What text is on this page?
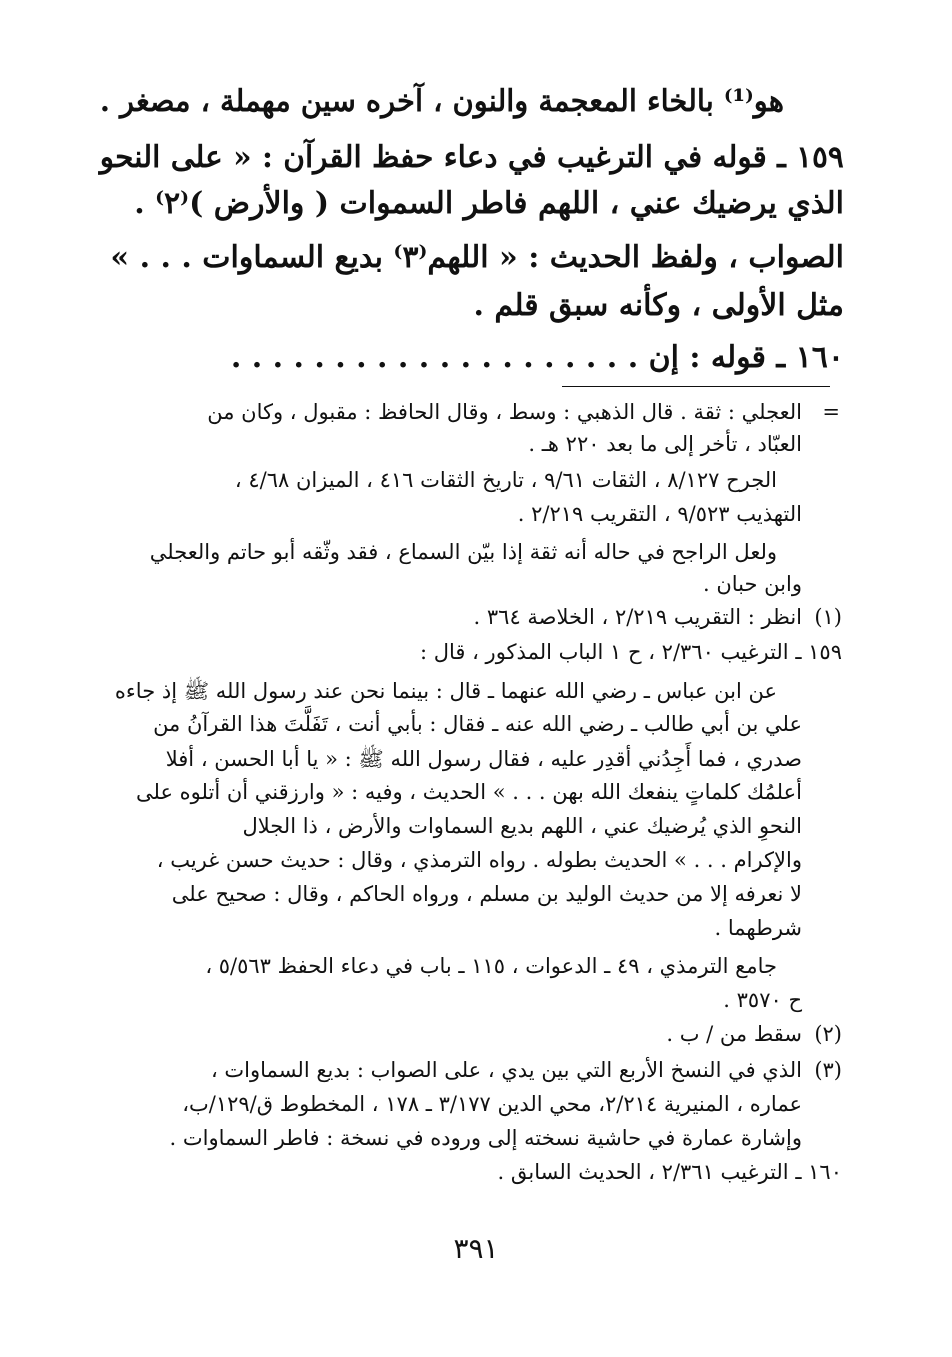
هو⁽¹⁾ بالخاء المعجمة والنون ، آخره سين مهملة ، مصغر .
١٥٩ ـ قوله في الترغيب في دعاء حفظ القرآن : « على النحو
الذي يرضيك عني ، اللهم فاطر السموات ( والأرض )⁽٢⁾ .
الصواب ، ولفظ الحديث : « اللهم⁽٣⁾ بديع السماوات . . . »
مثل الأولى ، وكأنه سبق قلم .
١٦٠ ـ قوله : إن . . . . . . . . . . . . . . . . . . . .
=
العجلي : ثقة . قال الذهبي : وسط ، وقال الحافظ : مقبول ، وكان من
العبّاد ، تأخر إلى ما بعد ٢٢٠ هـ .
الجرح ٨/١٢٧ ، الثقات ٩/٦١ ، تاريخ الثقات ٤١٦ ، الميزان ٤/٦٨ ،
التهذيب ٩/٥٢٣ ، التقريب ٢/٢١٩ .
ولعل الراجح في حاله أنه ثقة إذا بيّن السماع ، فقد وثّقه أبو حاتم والعجلي
وابن حبان .
(١)
انظر : التقريب ٢/٢١٩ ، الخلاصة ٣٦٤ .
١٥٩ ـ الترغيب ٢/٣٦٠ ، ح ١ الباب المذكور ، قال :
عن ابن عباس ـ رضي الله عنهما ـ قال : بينما نحن عند رسول الله ﷺ إذ جاءه
علي بن أبي طالب ـ رضي الله عنه ـ فقال : بأبي أنت ، تَفَلَّتَ هذا القرآنُ من
صدري ، فما أَجِدُني أقدِر عليه ، فقال رسول الله ﷺ : « يا أبا الحسن ، أفلا
أعلمُك كلماتٍ ينفعك الله بهن . . . » الحديث ، وفيه : « وارزقني أن أتلوه على
النحوِ الذي يُرضيك عني ، اللهم بديع السماوات والأرض ، ذا الجلال
والإكرام . . . » الحديث بطوله . رواه الترمذي ، وقال : حديث حسن غريب ،
لا نعرفه إلا من حديث الوليد بن مسلم ، ورواه الحاكم ، وقال : صحيح على
شرطهما .
جامع الترمذي ، ٤٩ ـ الدعوات ، ١١٥ ـ باب في دعاء الحفظ ٥/٥٦٣ ،
ح ٣٥٧٠ .
(٢)
سقط من / ب .
(٣)
الذي في النسخ الأربع التي بين يدي ، على الصواب : بديع السماوات ،
عماره ، المنيرية ٢/٢١٤، محي الدين ٣/١٧٧ ـ ١٧٨ ، المخطوط ق/١٢٩/ب،
وإشارة عمارة في حاشية نسخته إلى وروده في نسخة : فاطر السماوات .
١٦٠ ـ الترغيب ٢/٣٦١ ، الحديث السابق .
٣٩١
